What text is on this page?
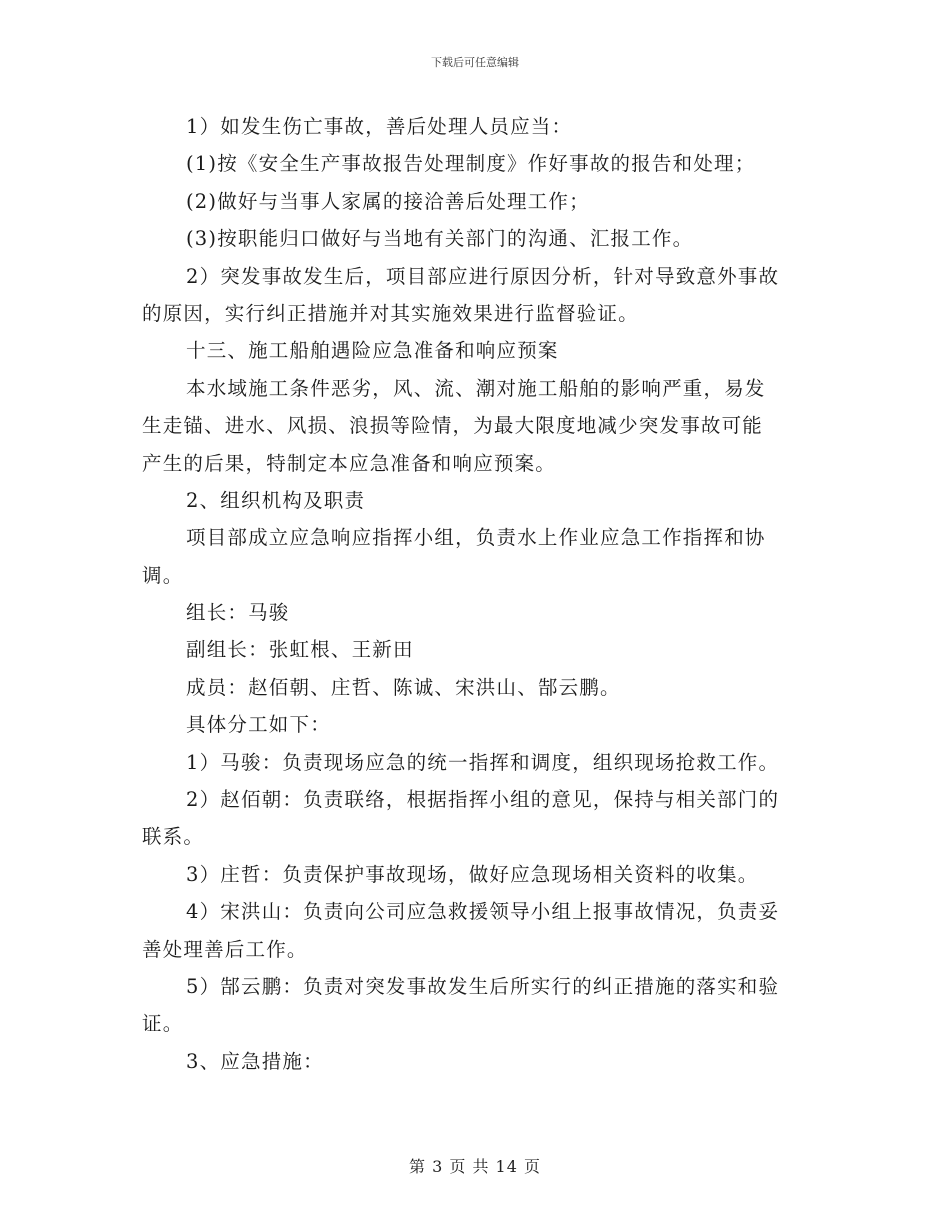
下载后可任意编辑
1）如发生伤亡事故，善后处理人员应当：
(1)按《安全生产事故报告处理制度》作好事故的报告和处理；
(2)做好与当事人家属的接洽善后处理工作；
(3)按职能归口做好与当地有关部门的沟通、汇报工作。
2）突发事故发生后，项目部应进行原因分析，针对导致意外事故
的原因，实行纠正措施并对其实施效果进行监督验证。
十三、施工船舶遇险应急准备和响应预案
本水域施工条件恶劣，风、流、潮对施工船舶的影响严重，易发
生走锚、进水、风损、浪损等险情，为最大限度地减少突发事故可能
产生的后果，特制定本应急准备和响应预案。
2、组织机构及职责
项目部成立应急响应指挥小组，负责水上作业应急工作指挥和协
调。
组长：马骏
副组长：张虹根、王新田
成员：赵佰朝、庄哲、陈诚、宋洪山、郜云鹏。
具体分工如下：
1）马骏：负责现场应急的统一指挥和调度，组织现场抢救工作。
2）赵佰朝：负责联络，根据指挥小组的意见，保持与相关部门的
联系。
3）庄哲：负责保护事故现场，做好应急现场相关资料的收集。
4）宋洪山：负责向公司应急救援领导小组上报事故情况，负责妥
善处理善后工作。
5）郜云鹏：负责对突发事故发生后所实行的纠正措施的落实和验
证。
3、应急措施：
第 3 页 共 14 页
